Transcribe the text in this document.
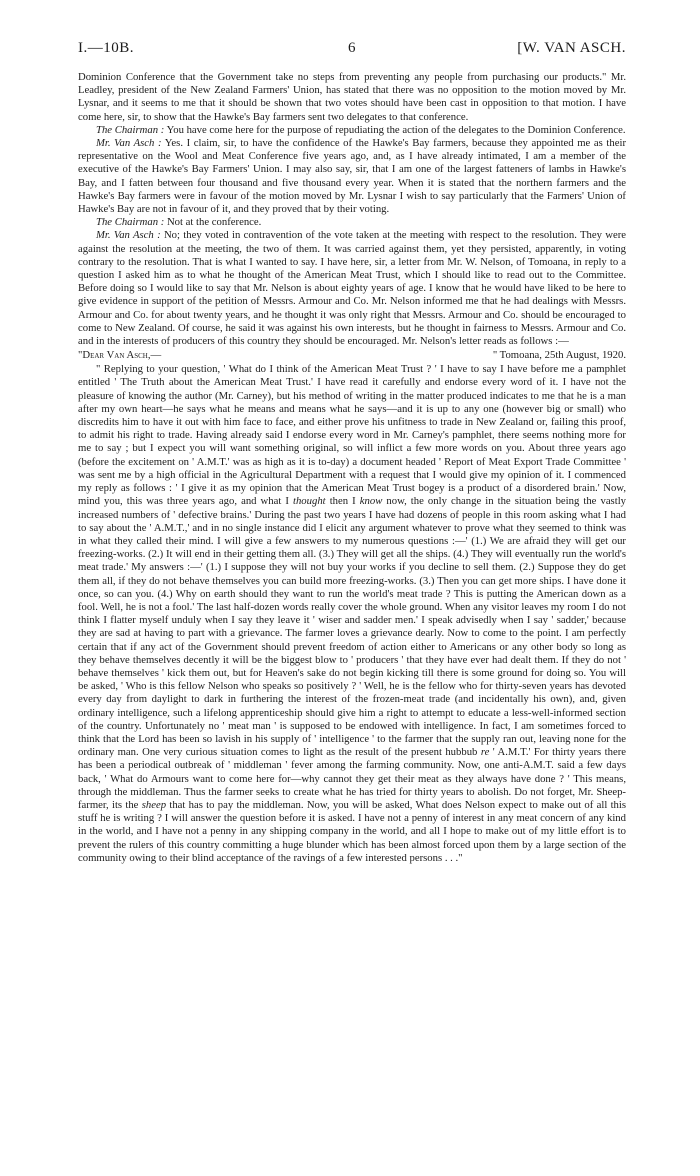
I.—10B.	6	[W. VAN ASCH.

Dominion Conference that the Government take no steps from preventing any people from purchasing our products." Mr. Leadley, president of the New Zealand Farmers' Union, has stated that there was no opposition to the motion moved by Mr. Lysnar, and it seems to me that it should be shown that two votes should have been cast in opposition to that motion. I have come here, sir, to show that the Hawke's Bay farmers sent two delegates to that conference.

The Chairman : You have come here for the purpose of repudiating the action of the delegates to the Dominion Conference.

Mr. Van Asch : Yes. I claim, sir, to have the confidence of the Hawke's Bay farmers, because they appointed me as their representative on the Wool and Meat Conference five years ago, and, as I have already intimated, I am a member of the executive of the Hawke's Bay Farmers' Union. I may also say, sir, that I am one of the largest fatteners of lambs in Hawke's Bay, and I fatten between four thousand and five thousand every year. When it is stated that the northern farmers and the Hawke's Bay farmers were in favour of the motion moved by Mr. Lysnar I wish to say particularly that the Farmers' Union of Hawke's Bay are not in favour of it, and they proved that by their voting.

The Chairman : Not at the conference.

Mr. Van Asch : No; they voted in contravention of the vote taken at the meeting with respect to the resolution. They were against the resolution at the meeting, the two of them. It was carried against them, yet they persisted, apparently, in voting contrary to the resolution. That is what I wanted to say. I have here, sir, a letter from Mr. W. Nelson, of Tomoana, in reply to a question I asked him as to what he thought of the American Meat Trust, which I should like to read out to the Committee. Before doing so I would like to say that Mr. Nelson is about eighty years of age. I know that he would have liked to be here to give evidence in support of the petition of Messrs. Armour and Co. Mr. Nelson informed me that he had dealings with Messrs. Armour and Co. for about twenty years, and he thought it was only right that Messrs. Armour and Co. should be encouraged to come to New Zealand. Of course, he said it was against his own interests, but he thought in fairness to Messrs. Armour and Co. and in the interests of producers of this country they should be encouraged. Mr. Nelson's letter reads as follows :—

"Dear Van Asch,—	" Tomoana, 25th August, 1920.

" Replying to your question, ' What do I think of the American Meat Trust ? ' I have to say I have before me a pamphlet entitled ' The Truth about the American Meat Trust.' I have read it carefully and endorse every word of it. I have not the pleasure of knowing the author (Mr. Carney), but his method of writing in the matter produced indicates to me that he is a man after my own heart—he says what he means and means what he says—and it is up to any one (however big or small) who discredits him to have it out with him face to face, and either prove his unfitness to trade in New Zealand or, failing this proof, to admit his right to trade. Having already said I endorse every word in Mr. Carney's pamphlet, there seems nothing more for me to say ; but I expect you will want something original, so will inflict a few more words on you. About three years ago (before the excitement on ' A.M.T.' was as high as it is to-day) a document headed ' Report of Meat Export Trade Committee ' was sent me by a high official in the Agricultural Department with a request that I would give my opinion of it. I commenced my reply as follows : ' I give it as my opinion that the American Meat Trust bogey is a product of a disordered brain.' Now, mind you, this was three years ago, and what I thought then I know now, the only change in the situation being the vastly increased numbers of ' defective brains.' During the past two years I have had dozens of people in this room asking what I had to say about the ' A.M.T.,' and in no single instance did I elicit any argument whatever to prove what they seemed to think was in what they called their mind. I will give a few answers to my numerous questions :—' (1.) We are afraid they will get our freezing-works. (2.) It will end in their getting them all. (3.) They will get all the ships. (4.) They will eventually run the world's meat trade.' My answers :—' (1.) I suppose they will not buy your works if you decline to sell them. (2.) Suppose they do get them all, if they do not behave themselves you can build more freezing-works. (3.) Then you can get more ships. I have done it once, so can you. (4.) Why on earth should they want to run the world's meat trade ? This is putting the American down as a fool. Well, he is not a fool.' The last half-dozen words really cover the whole ground. When any visitor leaves my room I do not think I flatter myself unduly when I say they leave it ' wiser and sadder men.' I speak advisedly when I say ' sadder,' because they are sad at having to part with a grievance. The farmer loves a grievance dearly. Now to come to the point. I am perfectly certain that if any act of the Government should prevent freedom of action either to Americans or any other body so long as they behave themselves decently it will be the biggest blow to ' producers ' that they have ever had dealt them. If they do not ' behave themselves ' kick them out, but for Heaven's sake do not begin kicking till there is some ground for doing so. You will be asked, ' Who is this fellow Nelson who speaks so positively ? ' Well, he is the fellow who for thirty-seven years has devoted every day from daylight to dark in furthering the interest of the frozen-meat trade (and incidentally his own), and, given ordinary intelligence, such a lifelong apprenticeship should give him a right to attempt to educate a less-well-informed section of the country. Unfortunately no ' meat man ' is supposed to be endowed with intelligence. In fact, I am sometimes forced to think that the Lord has been so lavish in his supply of ' intelligence ' to the farmer that the supply ran out, leaving none for the ordinary man. One very curious situation comes to light as the result of the present hubbub re ' A.M.T.' For thirty years there has been a periodical outbreak of ' middleman ' fever among the farming community. Now, one anti-A.M.T. said a few days back, ' What do Armours want to come here for—why cannot they get their meat as they always have done ? ' This means, through the middleman. Thus the farmer seeks to create what he has tried for thirty years to abolish. Do not forget, Mr. Sheep-farmer, its the sheep that has to pay the middleman. Now, you will be asked, What does Nelson expect to make out of all this stuff he is writing ? I will answer the question before it is asked. I have not a penny of interest in any meat concern of any kind in the world, and I have not a penny in any shipping company in the world, and all I hope to make out of my little effort is to prevent the rulers of this country committing a huge blunder which has been almost forced upon them by a large section of the community owing to their blind acceptance of the ravings of a few interested persons . . ."
